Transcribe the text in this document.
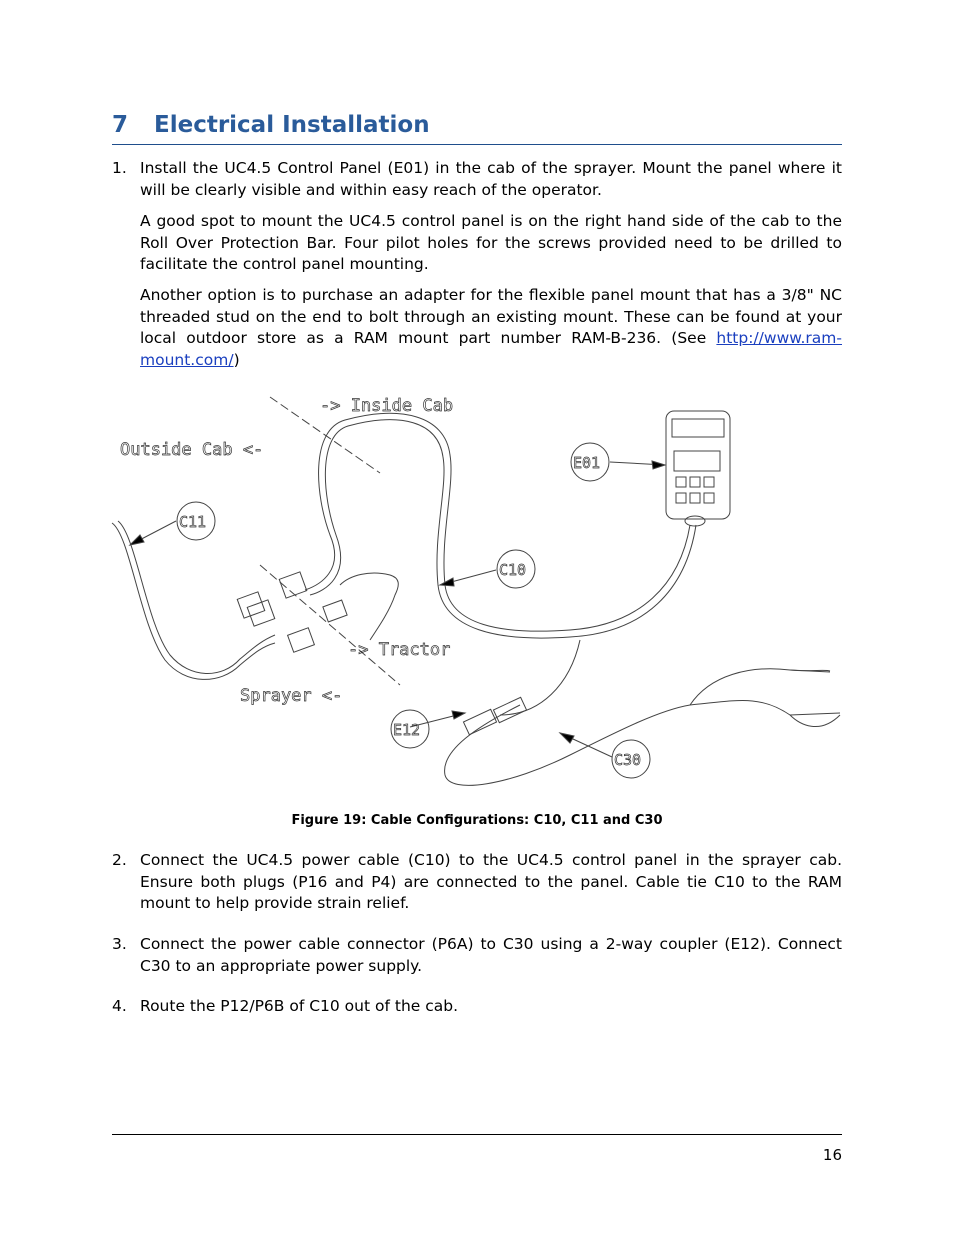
7	Electrical Installation
1. Install the UC4.5 Control Panel (E01) in the cab of the sprayer. Mount the panel where it will be clearly visible and within easy reach of the operator.

A good spot to mount the UC4.5 control panel is on the right hand side of the cab to the Roll Over Protection Bar. Four pilot holes for the screws provided need to be drilled to facilitate the control panel mounting.

Another option is to purchase an adapter for the flexible panel mount that has a 3/8" NC threaded stud on the end to bolt through an existing mount. These can be found at your local outdoor store as a RAM mount part number RAM-B-236. (See http://www.ram-mount.com/)

-> Inside Cab
Outside Cab <-
-> Tractor
Sprayer <-
E01
C11
C10
E12
C30
Figure 19: Cable Configurations: C10, C11 and C30
2. Connect the UC4.5 power cable (C10) to the UC4.5 control panel in the sprayer cab. Ensure both plugs (P16 and P4) are connected to the panel. Cable tie C10 to the RAM mount to help provide strain relief.

3. Connect the power cable connector (P6A) to C30 using a 2-way coupler (E12). Connect C30 to an appropriate power supply.

4. Route the P12/P6B of C10 out of the cab.

16
